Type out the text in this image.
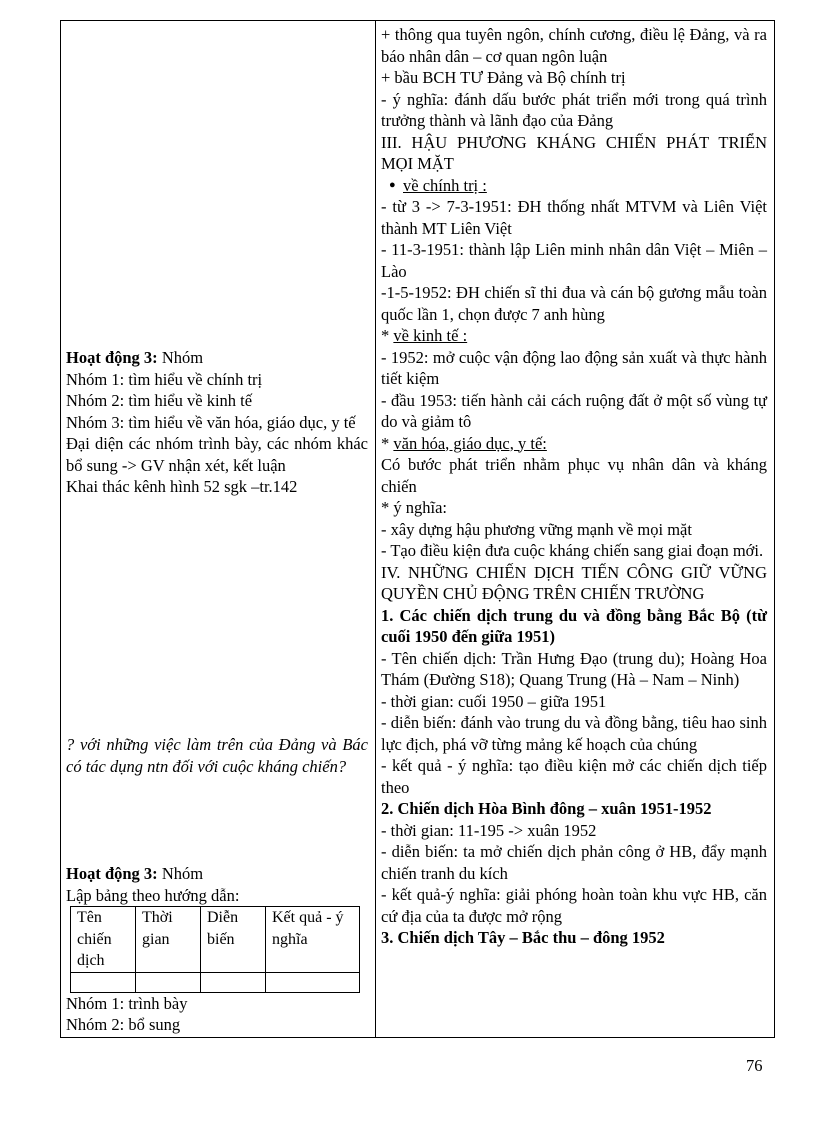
Hoạt động 3: Nhóm
Nhóm 1: tìm hiểu về chính trị
Nhóm 2: tìm hiểu về kinh tế
Nhóm 3: tìm hiểu về văn hóa, giáo dục, y tế
Đại diện các nhóm trình bày, các nhóm khác bổ sung -> GV nhận xét, kết luận
Khai thác kênh hình 52 sgk –tr.142
? với những việc làm trên của Đảng và Bác có tác dụng ntn đối với cuộc kháng chiến?
Hoạt động 3: Nhóm
Lập bảng theo hướng dẫn:
Tên chiến dịch	Thời gian	Diễn biến	Kết quả - ý nghĩa

Nhóm 1: trình bày
Nhóm 2: bổ sung
+ thông qua tuyên ngôn, chính cương, điều lệ Đảng, và ra báo nhân dân – cơ quan ngôn luận
+ bầu BCH TƯ Đảng và Bộ chính trị
- ý nghĩa: đánh dấu bước phát triển mới trong quá trình trưởng thành và lãnh đạo của Đảng
III. HẬU PHƯƠNG KHÁNG CHIẾN PHÁT TRIỂN MỌI MẶT
● về chính trị :
- từ 3 -> 7-3-1951: ĐH thống nhất MTVM và Liên Việt thành MT Liên Việt
- 11-3-1951: thành lập Liên minh nhân dân Việt – Miên – Lào
-1-5-1952: ĐH chiến sĩ thi đua và cán bộ gương mẫu toàn quốc lần 1, chọn được 7 anh hùng
* về kinh tế :
- 1952: mở cuộc vận động lao động sản xuất và thực hành tiết kiệm
- đầu 1953: tiến hành cải cách ruộng đất ở một số vùng tự do và giảm tô
* văn hóa, giáo dục, y tế:
Có bước phát triển nhằm phục vụ nhân dân và kháng chiến
* ý nghĩa:
- xây dựng hậu phương vững mạnh về mọi mặt
- Tạo điều kiện đưa cuộc kháng chiến sang giai đoạn mới.
IV. NHỮNG CHIẾN DỊCH TIẾN CÔNG GIỮ VỮNG QUYỀN CHỦ ĐỘNG TRÊN CHIẾN TRƯỜNG
1. Các chiến dịch trung du và đồng bằng Bắc Bộ (từ cuối 1950 đến giữa 1951)
- Tên chiến dịch: Trần Hưng Đạo (trung du); Hoàng Hoa Thám (Đường S18); Quang Trung (Hà – Nam – Ninh)
- thời gian: cuối 1950 – giữa 1951
- diễn biến: đánh vào trung du và đồng bằng, tiêu hao sinh lực địch, phá vỡ từng mảng kế hoạch của chúng
- kết quả - ý nghĩa: tạo điều kiện mở các chiến dịch tiếp theo
2. Chiến dịch Hòa Bình đông – xuân 1951-1952
- thời gian: 11-195 -> xuân 1952
- diễn biến: ta mở chiến dịch phản công ở HB, đẩy mạnh chiến tranh du kích
- kết quả-ý nghĩa: giải phóng hoàn toàn khu vực HB, căn cứ địa của ta được mở rộng
3. Chiến dịch Tây – Bắc thu – đông 1952
76
